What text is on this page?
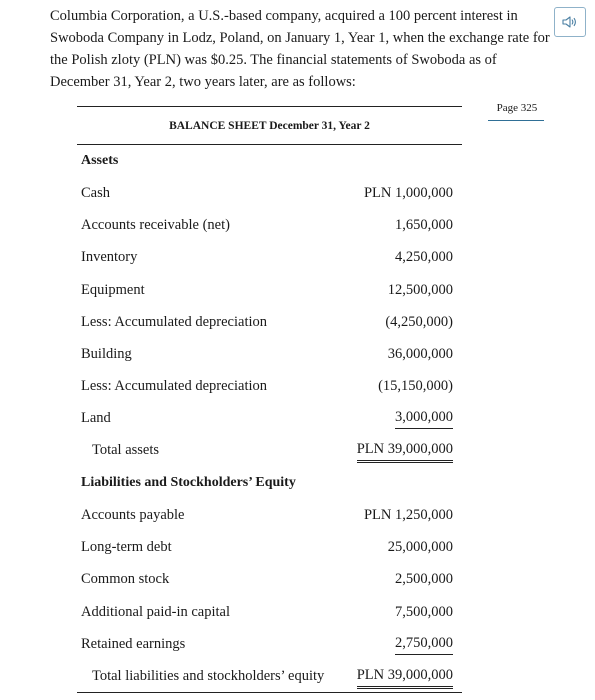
Columbia Corporation, a U.S.-based company, acquired a 100 percent interest in Swoboda Company in Lodz, Poland, on January 1, Year 1, when the exchange rate for the Polish zloty (PLN) was $0.25. The financial statements of Swoboda as of December 31, Year 2, two years later, are as follows:

Page 325
BALANCE SHEET December 31, Year 2
Assets
Cash	PLN 1,000,000
Accounts receivable (net)	1,650,000
Inventory	4,250,000
Equipment	12,500,000
Less: Accumulated depreciation	(4,250,000)
Building	36,000,000
Less: Accumulated depreciation	(15,150,000)
Land	3,000,000
Total assets	PLN 39,000,000
Liabilities and Stockholders’ Equity
Accounts payable	PLN 1,250,000
Long-term debt	25,000,000
Common stock	2,500,000
Additional paid-in capital	7,500,000
Retained earnings	2,750,000
Total liabilities and stockholders’ equity PLN 39,000,000
